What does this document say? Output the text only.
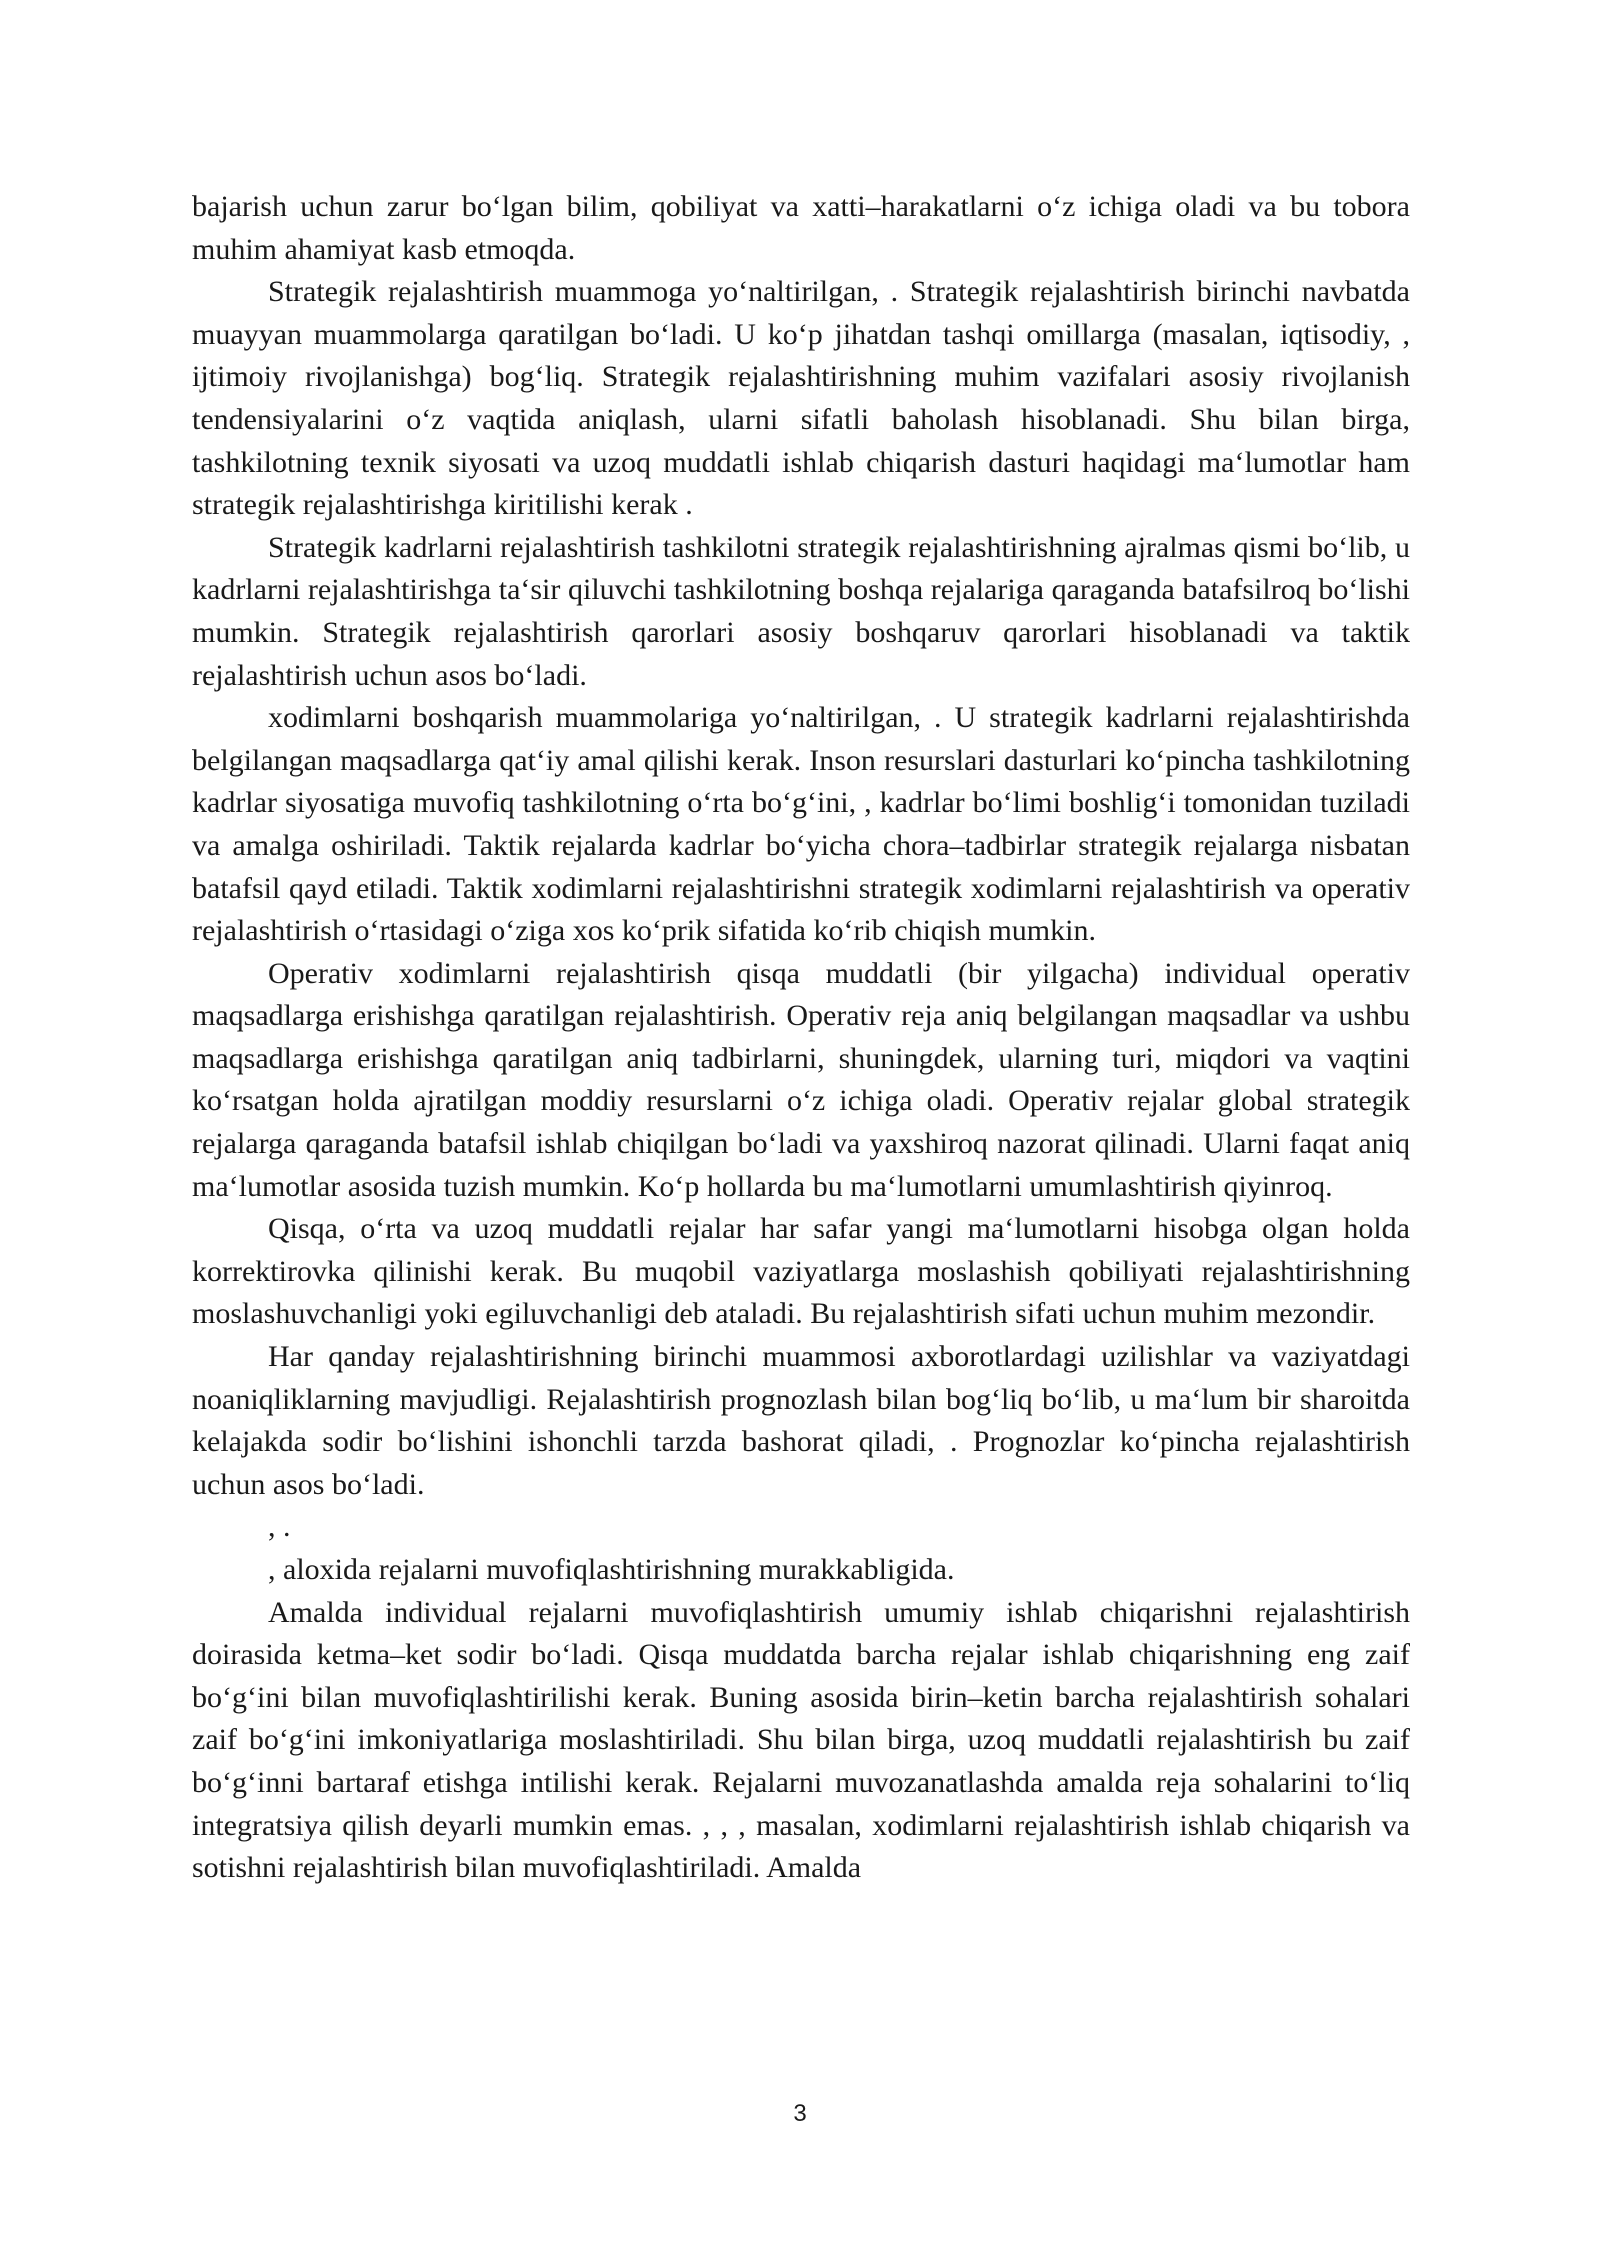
bajarish uchun zarur bo‘lgan bilim, qobiliyat va xatti–harakatlarni o‘z ichiga oladi va bu tobora muhim ahamiyat kasb etmoqda.

Strategik rejalashtirish muammoga yo‘naltirilgan, . Strategik rejalashtirish birinchi navbatda muayyan muammolarga qaratilgan bo‘ladi. U ko‘p jihatdan tashqi omillarga (masalan, iqtisodiy, , ijtimoiy rivojlanishga) bog‘liq. Strategik rejalashtirishning muhim vazifalari asosiy rivojlanish tendensiyalarini o‘z vaqtida aniqlash, ularni sifatli baholash hisoblanadi. Shu bilan birga, tashkilotning texnik siyosati va uzoq muddatli ishlab chiqarish dasturi haqidagi ma‘lumotlar ham strategik rejalashtirishga kiritilishi kerak .

Strategik kadrlarni rejalashtirish tashkilotni strategik rejalashtirishning ajralmas qismi bo‘lib, u kadrlarni rejalashtirishga ta‘sir qiluvchi tashkilotning boshqa rejalariga qaraganda batafsilroq bo‘lishi mumkin. Strategik rejalashtirish qarorlari asosiy boshqaruv qarorlari hisoblanadi va taktik rejalashtirish uchun asos bo‘ladi.

xodimlarni boshqarish muammolariga yo‘naltirilgan, . U strategik kadrlarni rejalashtirishda belgilangan maqsadlarga qat‘iy amal qilishi kerak. Inson resurslari dasturlari ko‘pincha tashkilotning kadrlar siyosatiga muvofiq tashkilotning o‘rta bo‘g‘ini, , kadrlar bo‘limi boshlig‘i tomonidan tuziladi va amalga oshiriladi. Taktik rejalarda kadrlar bo‘yicha chora–tadbirlar strategik rejalarga nisbatan batafsil qayd etiladi. Taktik xodimlarni rejalashtirishni strategik xodimlarni rejalashtirish va operativ rejalashtirish o‘rtasidagi o‘ziga xos ko‘prik sifatida ko‘rib chiqish mumkin.

Operativ xodimlarni rejalashtirish qisqa muddatli (bir yilgacha) individual operativ maqsadlarga erishishga qaratilgan rejalashtirish. Operativ reja aniq belgilangan maqsadlar va ushbu maqsadlarga erishishga qaratilgan aniq tadbirlarni, shuningdek, ularning turi, miqdori va vaqtini ko‘rsatgan holda ajratilgan moddiy resurslarni o‘z ichiga oladi. Operativ rejalar global strategik rejalarga qaraganda batafsil ishlab chiqilgan bo‘ladi va yaxshiroq nazorat qilinadi. Ularni faqat aniq ma‘lumotlar asosida tuzish mumkin. Ko‘p hollarda bu ma‘lumotlarni umumlashtirish qiyinroq.

Qisqa, o‘rta va uzoq muddatli rejalar har safar yangi ma‘lumotlarni hisobga olgan holda korrektirovka qilinishi kerak. Bu muqobil vaziyatlarga moslashish qobiliyati rejalashtirishning moslashuvchanligi yoki egiluvchanligi deb ataladi. Bu rejalashtirish sifati uchun muhim mezondir.

Har qanday rejalashtirishning birinchi muammosi axborotlardagi uzilishlar va vaziyatdagi noaniqliklarning mavjudligi. Rejalashtirish prognozlash bilan bog‘liq bo‘lib, u ma‘lum bir sharoitda kelajakda sodir bo‘lishini ishonchli tarzda bashorat qiladi, . Prognozlar ko‘pincha rejalashtirish uchun asos bo‘ladi.

, .

, aloxida rejalarni muvofiqlashtirishning murakkabligida.

Amalda individual rejalarni muvofiqlashtirish umumiy ishlab chiqarishni rejalashtirish doirasida ketma–ket sodir bo‘ladi. Qisqa muddatda barcha rejalar ishlab chiqarishning eng zaif bo‘g‘ini bilan muvofiqlashtirilishi kerak. Buning asosida birin–ketin barcha rejalashtirish sohalari zaif bo‘g‘ini imkoniyatlariga moslashtiriladi. Shu bilan birga, uzoq muddatli rejalashtirish bu zaif bo‘g‘inni bartaraf etishga intilishi kerak. Rejalarni muvozanatlashda amalda reja sohalarini to‘liq integratsiya qilish deyarli mumkin emas. , , , masalan, xodimlarni rejalashtirish ishlab chiqarish va sotishni rejalashtirish bilan muvofiqlashtiriladi. Amalda

3
